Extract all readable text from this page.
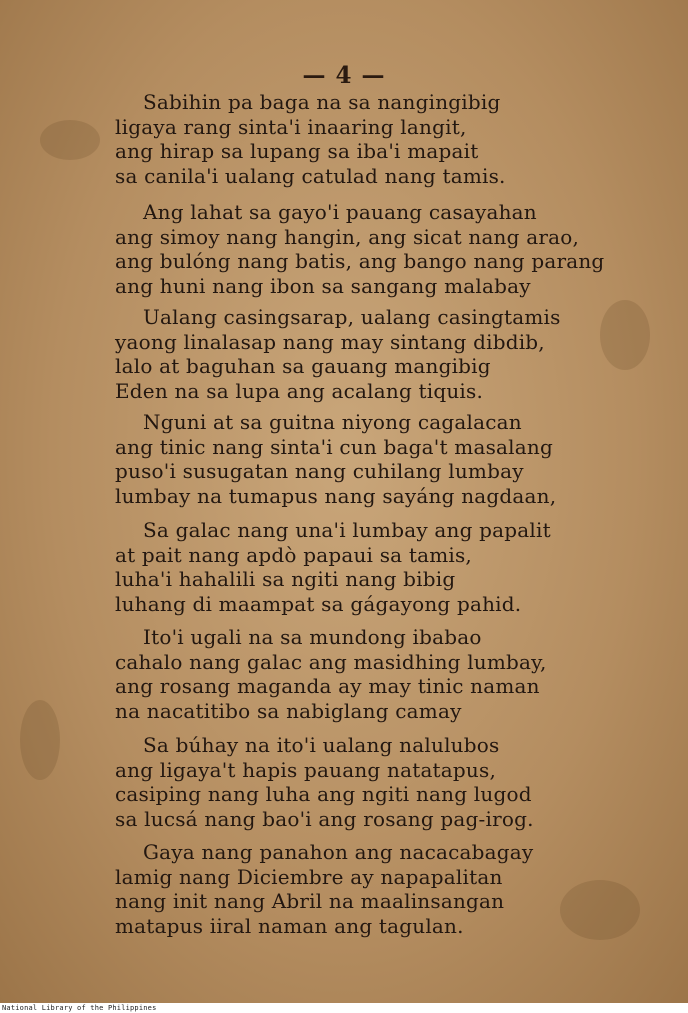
— 4 —
Sabihin pa baga na sa nangingibig
ligaya rang sinta'i inaaring langit,
ang hirap sa lupang sa iba'i mapait
sa canila'i ualang catulad nang tamis.
Ang lahat sa gayo'i pauang casayahan
ang simoy nang hangin, ang sicat nang arao,
ang bulóng nang batis, ang bango nang parang
ang huni nang ibon sa sangang malabay
Ualang casingsarap, ualang casingtamis
yaong linalasap nang may sintang dibdib,
lalo at baguhan sa gauang mangibig
Eden na sa lupa ang acalang tiquis.
Nguni at sa guitna niyong cagalacan
ang tinic nang sinta'i cun baga't masalang
puso'i susugatan nang cuhilang lumbay
lumbay na tumapus nang sayáng nagdaan,
Sa galac nang una'i lumbay ang papalit
at pait nang apdò papaui sa tamis,
luha'i hahalili sa ngiti nang bibig
luhang di maampat sa gágayong pahid.
Ito'i ugali na sa mundong ibabao
cahalo nang galac ang masidhing lumbay,
ang rosang maganda ay may tinic naman
na nacatitibo sa nabiglang camay
Sa búhay na ito'i ualang nalulubos
ang ligaya't hapis pauang natatapus,
casiping nang luha ang ngiti nang lugod
sa lucsá nang bao'i ang rosang pag-irog.
Gaya nang panahon ang nacacabagay
lamig nang Diciembre ay napapalitan
nang init nang Abril na maalinsangan
matapus iiral naman ang tagulan.
National Library of the Philippines
